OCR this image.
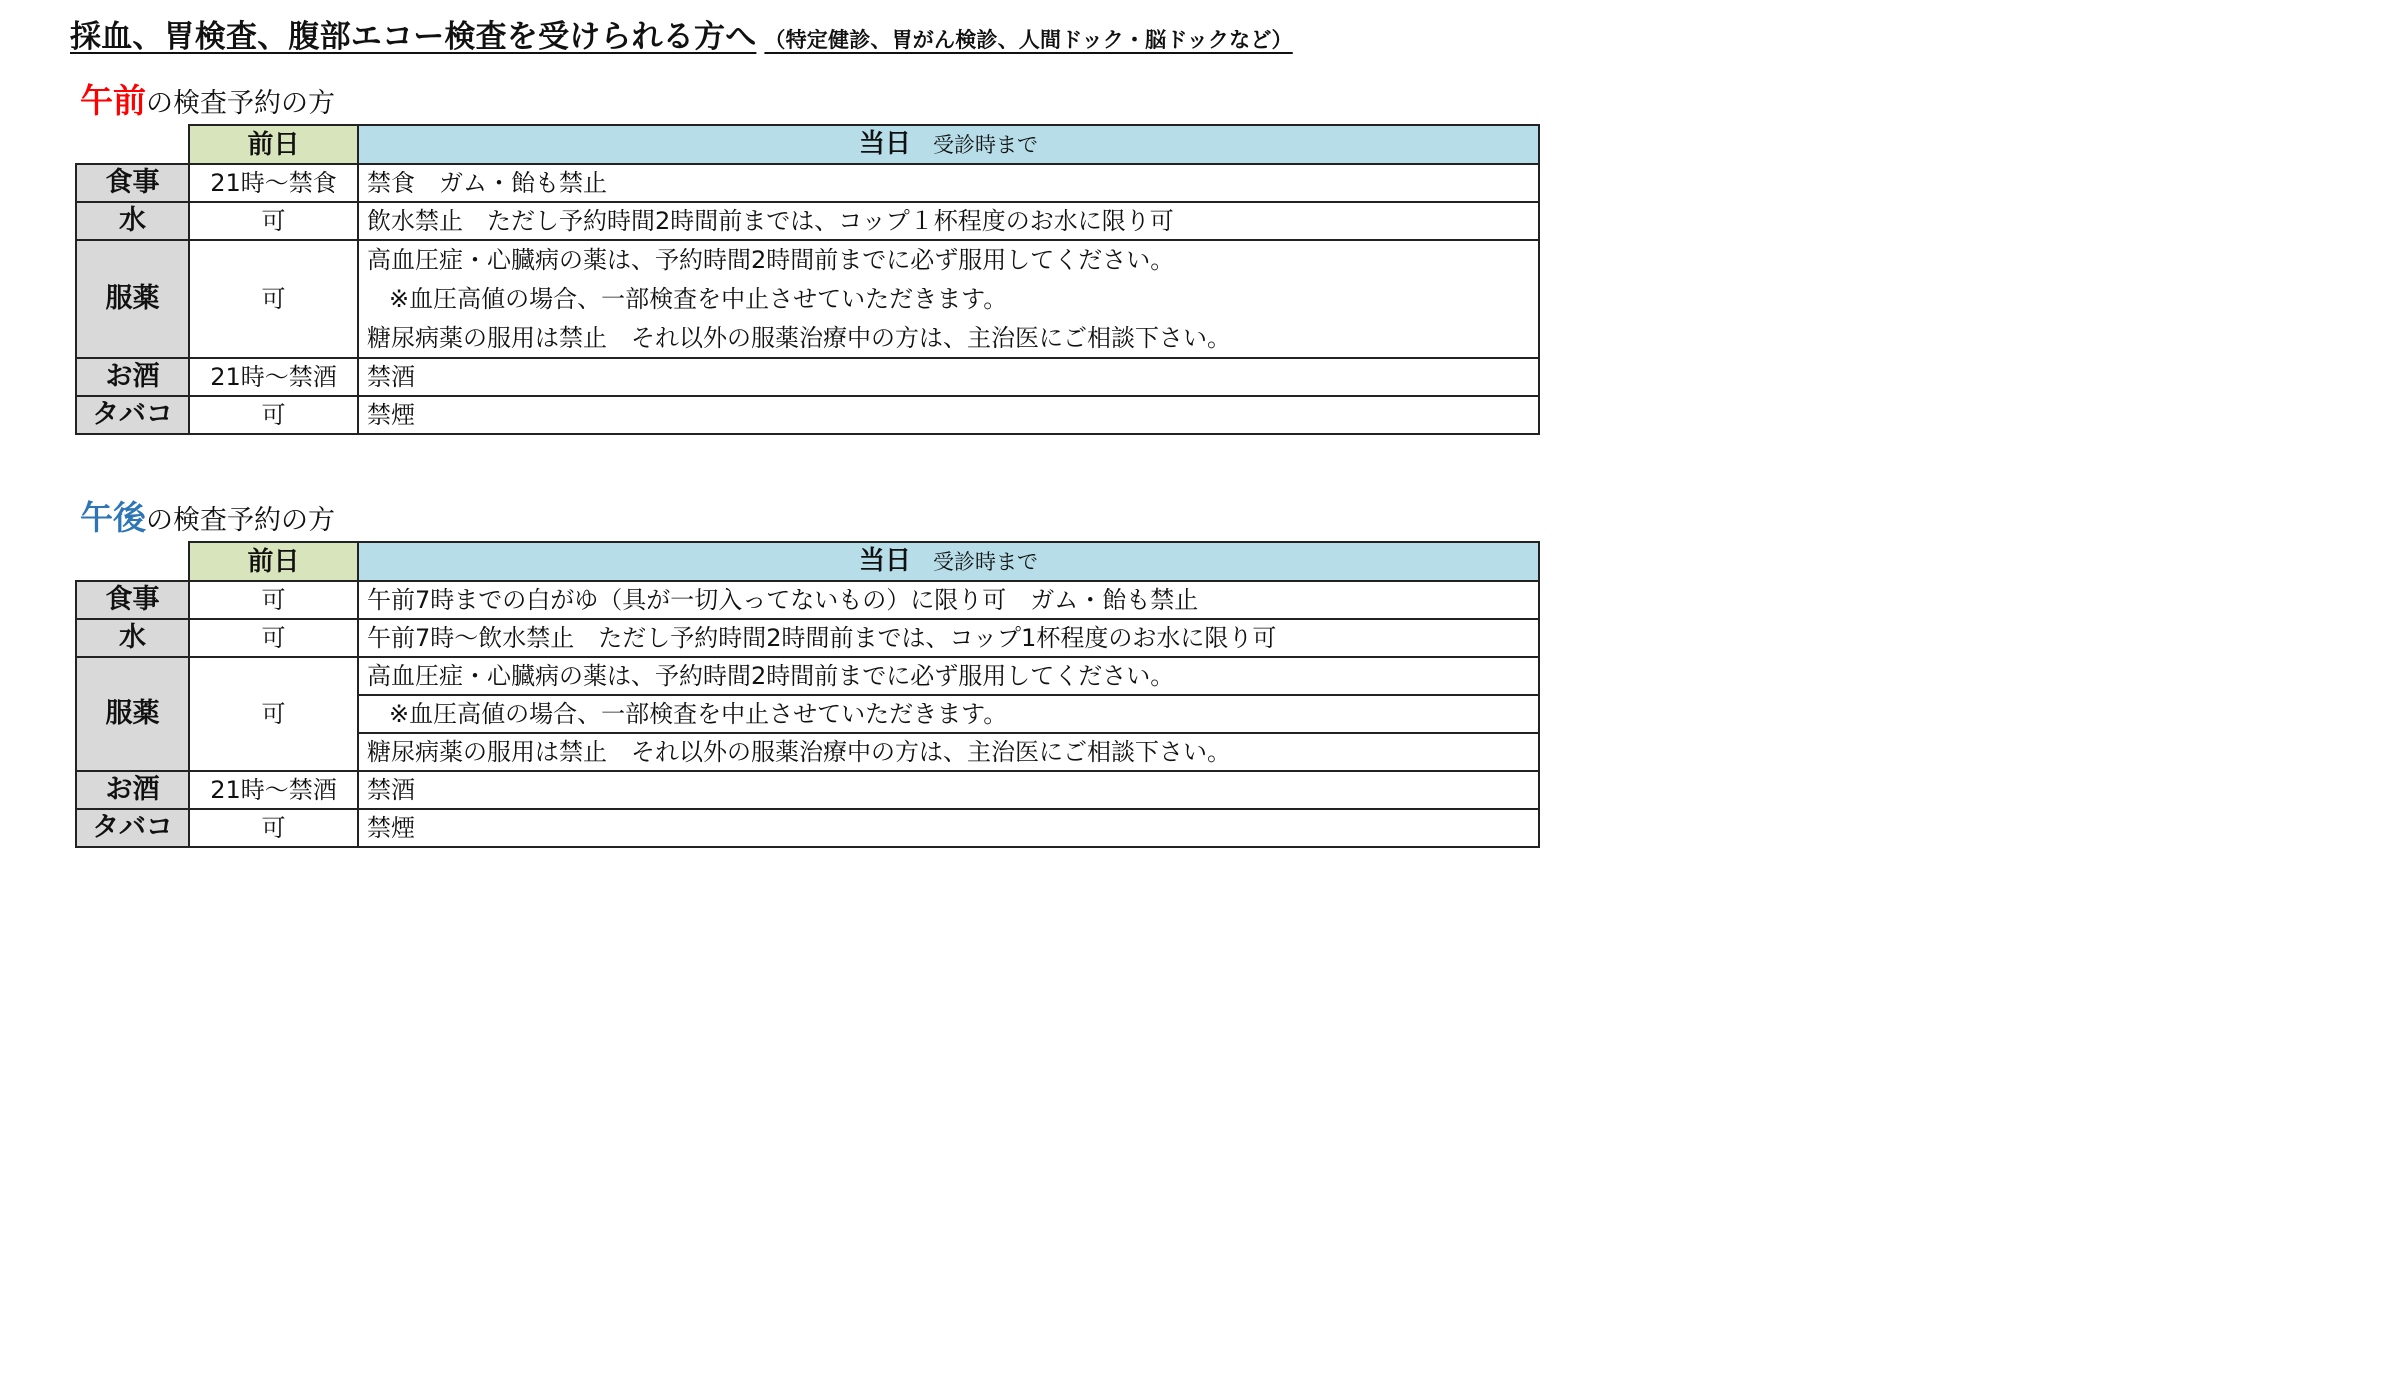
採血、胃検査、腹部エコー検査を受けられる方へ （特定健診、胃がん検診、人間ドック・脳ドックなど）
午前の検査予約の方
	前日	当日 受診時まで
食事	21時～禁食	禁食　ガム・飴も禁止
水	可	飲水禁止　ただし予約時間2時間前までは、コップ１杯程度のお水に限り可
服薬	可	高血圧症・心臓病の薬は、予約時間2時間前までに必ず服用してください。
		※血圧高値の場合、一部検査を中止させていただきます。
		糖尿病薬の服用は禁止　それ以外の服薬治療中の方は、主治医にご相談下さい。
お酒	21時～禁酒	禁酒
タバコ	可	禁煙
午後の検査予約の方
	前日	当日 受診時まで
食事	可	午前7時までの白がゆ（具が一切入ってないもの）に限り可　ガム・飴も禁止
水	可	午前7時～飲水禁止　ただし予約時間2時間前までは、コップ1杯程度のお水に限り可
服薬	可	高血圧症・心臓病の薬は、予約時間2時間前までに必ず服用してください。
		※血圧高値の場合、一部検査を中止させていただきます。
		糖尿病薬の服用は禁止　それ以外の服薬治療中の方は、主治医にご相談下さい。
お酒	21時～禁酒	禁酒
タバコ	可	禁煙
